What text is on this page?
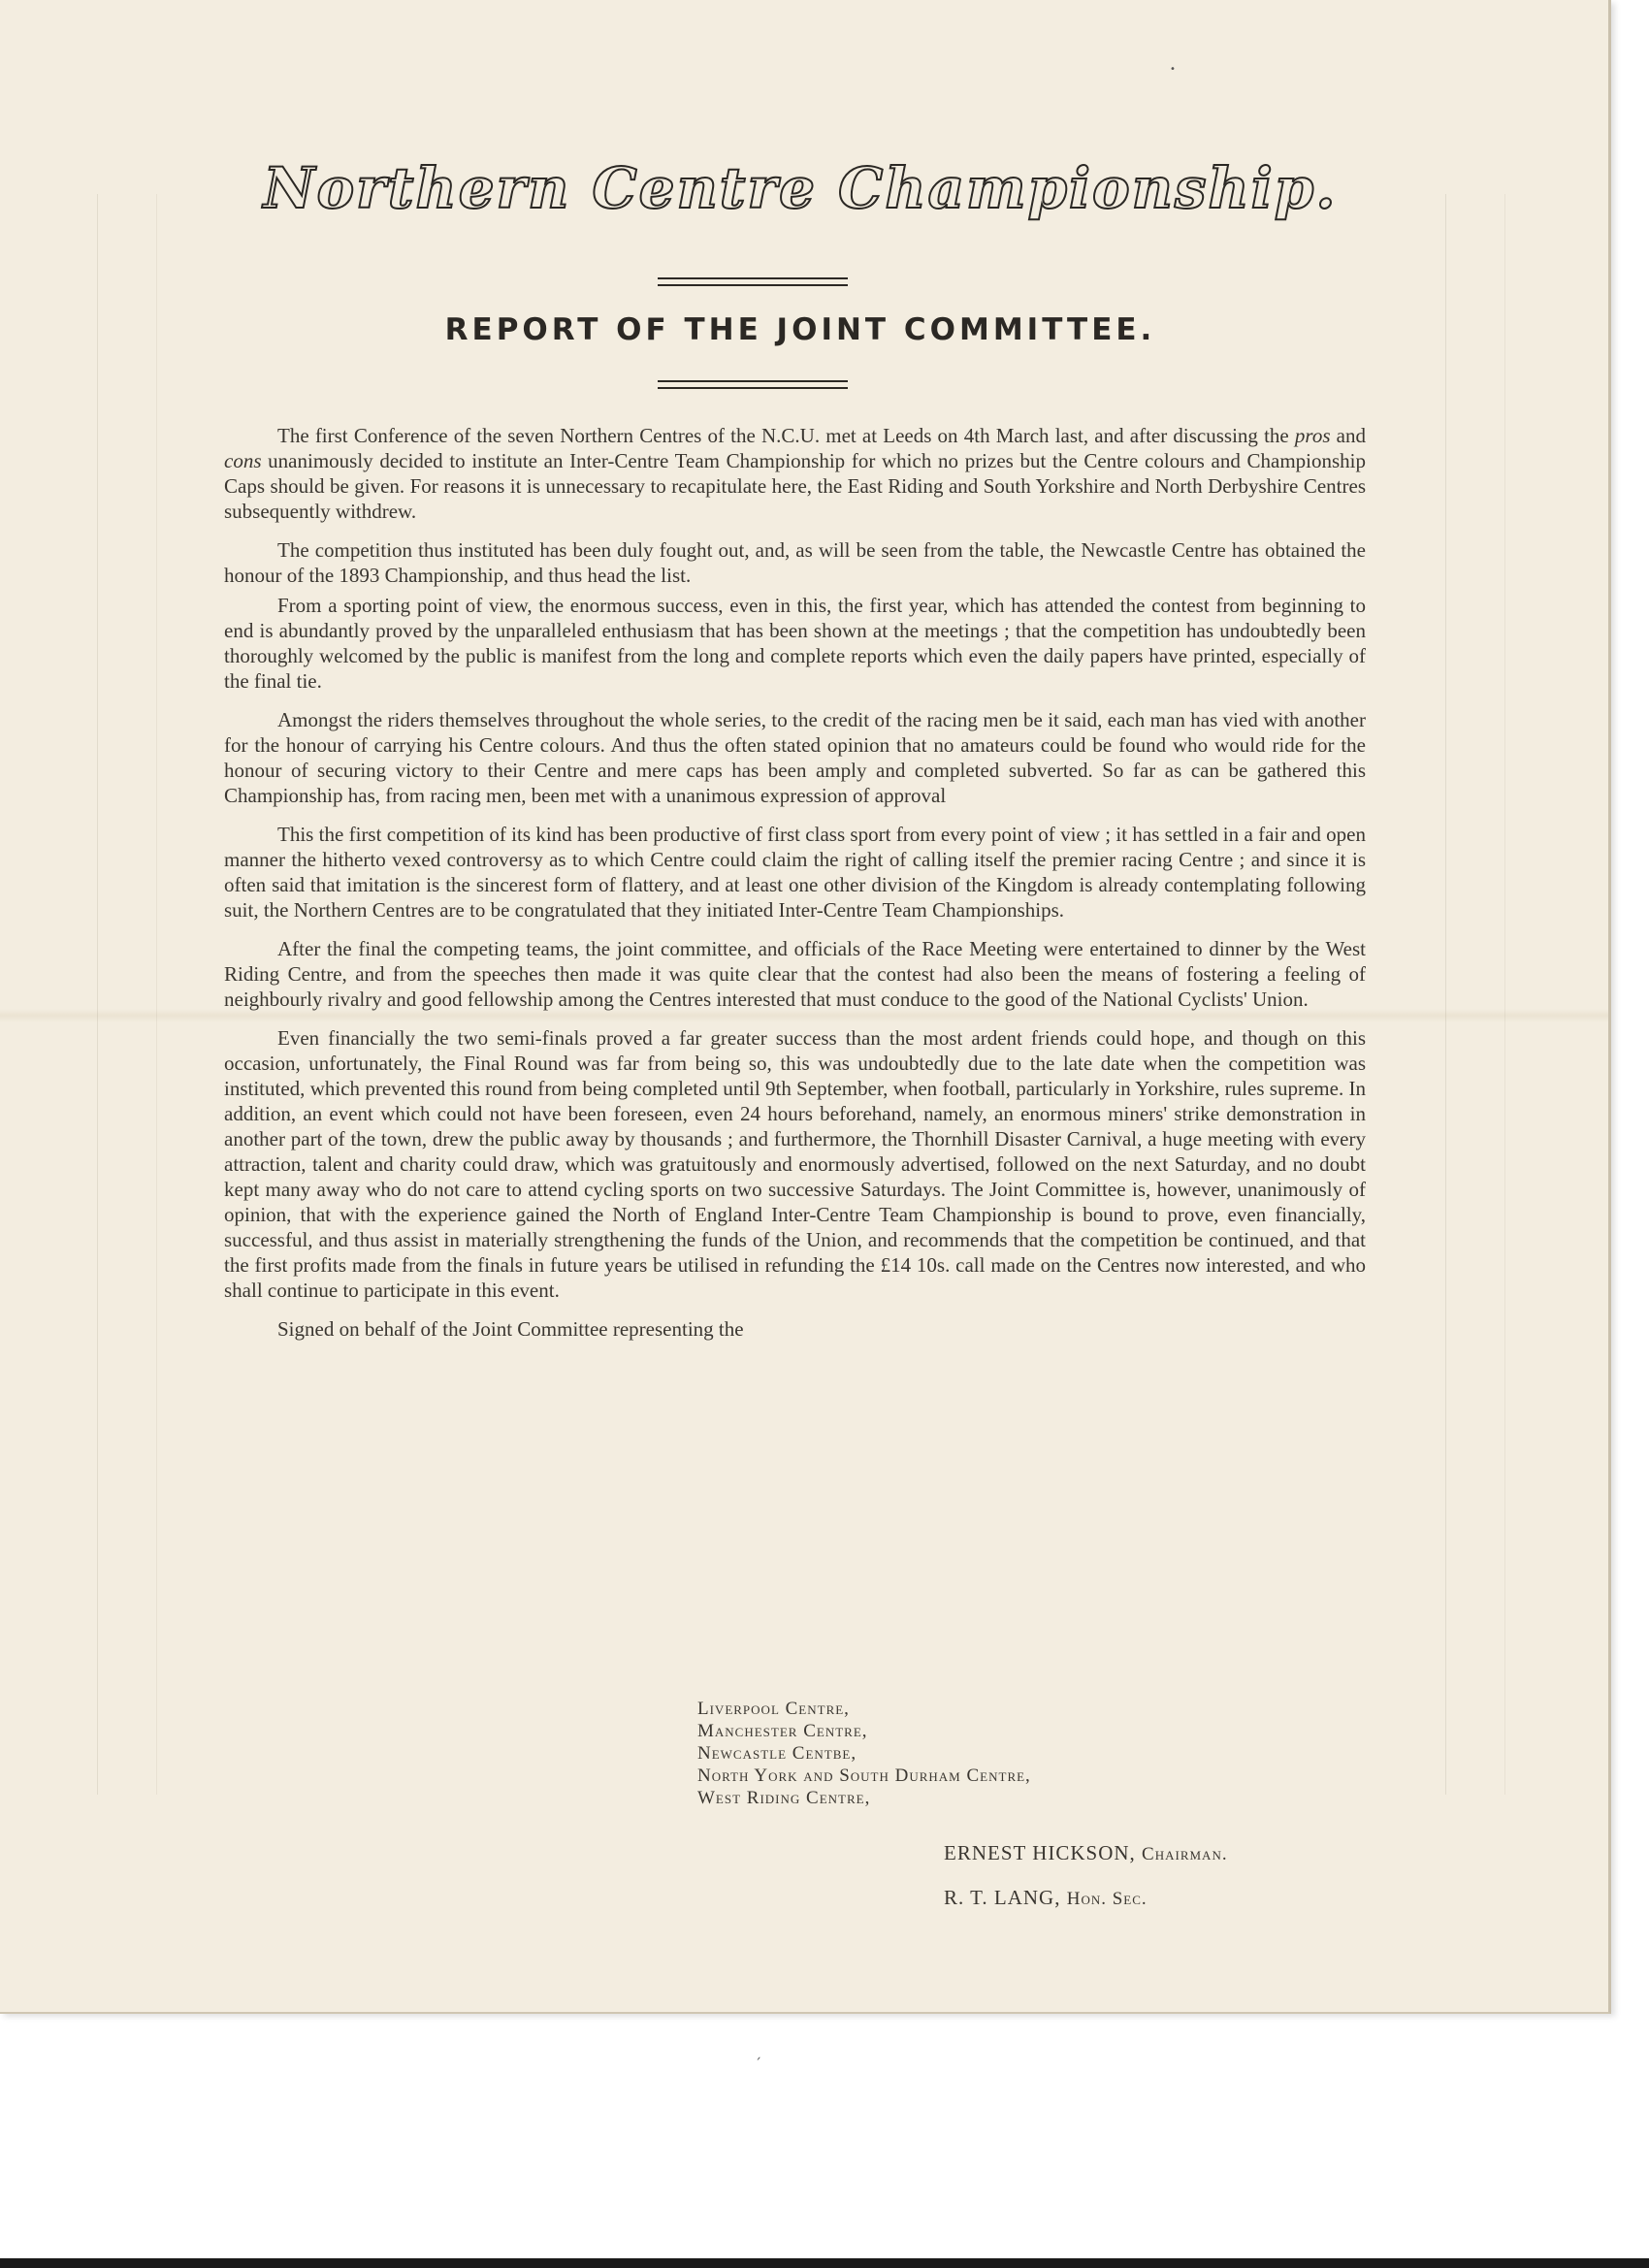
Northern Centre Championship.
REPORT OF THE JOINT COMMITTEE.

The first Conference of the seven Northern Centres of the N.C.U. met at Leeds on 4th March last, and after discussing the pros and cons unanimously decided to institute an Inter-Centre Team Championship for which no prizes but the Centre colours and Championship Caps should be given. For reasons it is unnecessary to recapitulate here, the East Riding and South Yorkshire and North Derbyshire Centres subsequently withdrew.

The competition thus instituted has been duly fought out, and, as will be seen from the table, the Newcastle Centre has obtained the honour of the 1893 Championship, and thus head the list.

From a sporting point of view, the enormous success, even in this, the first year, which has attended the contest from beginning to end is abundantly proved by the unparalleled enthusiasm that has been shown at the meetings ; that the competition has undoubtedly been thoroughly welcomed by the public is manifest from the long and complete reports which even the daily papers have printed, especially of the final tie.

Amongst the riders themselves throughout the whole series, to the credit of the racing men be it said, each man has vied with another for the honour of carrying his Centre colours. And thus the often stated opinion that no amateurs could be found who would ride for the honour of securing victory to their Centre and mere caps has been amply and completed subverted. So far as can be gathered this Championship has, from racing men, been met with a unanimous expression of approval

This the first competition of its kind has been productive of first class sport from every point of view ; it has settled in a fair and open manner the hitherto vexed controversy as to which Centre could claim the right of calling itself the premier racing Centre ; and since it is often said that imitation is the sincerest form of flattery, and at least one other division of the Kingdom is already contemplating following suit, the Northern Centres are to be congratulated that they initiated Inter-Centre Team Championships.

After the final the competing teams, the joint committee, and officials of the Race Meeting were entertained to dinner by the West Riding Centre, and from the speeches then made it was quite clear that the contest had also been the means of fostering a feeling of neighbourly rivalry and good fellowship among the Centres interested that must conduce to the good of the National Cyclists' Union.

Even financially the two semi-finals proved a far greater success than the most ardent friends could hope, and though on this occasion, unfortunately, the Final Round was far from being so, this was undoubtedly due to the late date when the competition was instituted, which prevented this round from being completed until 9th September, when football, particularly in Yorkshire, rules supreme. In addition, an event which could not have been foreseen, even 24 hours beforehand, namely, an enormous miners' strike demonstration in another part of the town, drew the public away by thousands ; and furthermore, the Thornhill Disaster Carnival, a huge meeting with every attraction, talent and charity could draw, which was gratuitously and enormously advertised, followed on the next Saturday, and no doubt kept many away who do not care to attend cycling sports on two successive Saturdays. The Joint Committee is, however, unanimously of opinion, that with the experience gained the North of England Inter-Centre Team Championship is bound to prove, even financially, successful, and thus assist in materially strengthening the funds of the Union, and recommends that the competition be continued, and that the first profits made from the finals in future years be utilised in refunding the £14 10s. call made on the Centres now interested, and who shall continue to participate in this event.

Signed on behalf of the Joint Committee representing the

Liverpool Centre,
Manchester Centre,
Newcastle Centbe,
North York and South Durham Centre,
West Riding Centre,
ERNEST HICKSON, Chairman.
R. T. LANG, Hon. Sec.
•
ˏ
